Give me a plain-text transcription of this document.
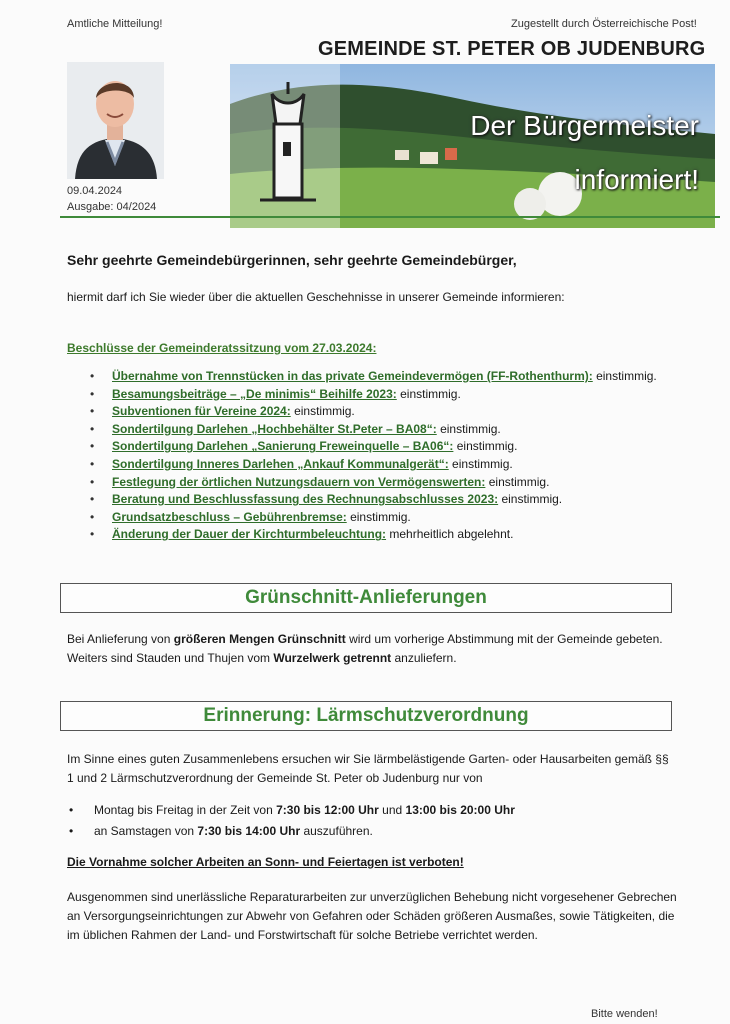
Amtliche Mitteilung!	Zugestellt durch Österreichische Post!
GEMEINDE ST. PETER OB JUDENBURG
09.04.2024
Ausgabe: 04/2024
Der Bürgermeister
informiert!
Sehr geehrte Gemeindebürgerinnen, sehr geehrte Gemeindebürger,
hiermit darf ich Sie wieder über die aktuellen Geschehnisse in unserer Gemeinde informieren:
Beschlüsse der Gemeinderatssitzung vom 27.03.2024:
• Übernahme von Trennstücken in das private Gemeindevermögen (FF-Rothenthurm): einstimmig.
• Besamungsbeiträge – „De minimis“ Beihilfe 2023: einstimmig.
• Subventionen für Vereine 2024: einstimmig.
• Sondertilgung Darlehen „Hochbehälter St.Peter – BA08“: einstimmig.
• Sondertilgung Darlehen „Sanierung Freweinquelle – BA06“: einstimmig.
• Sondertilgung Inneres Darlehen „Ankauf Kommunalgerät“: einstimmig.
• Festlegung der örtlichen Nutzungsdauern von Vermögenswerten: einstimmig.
• Beratung und Beschlussfassung des Rechnungsabschlusses 2023: einstimmig.
• Grundsatzbeschluss – Gebührenbremse: einstimmig.
• Änderung der Dauer der Kirchturmbeleuchtung: mehrheitlich abgelehnt.
Grünschnitt-Anlieferungen
Bei Anlieferung von größeren Mengen Grünschnitt wird um vorherige Abstimmung mit der Gemeinde gebeten. Weiters sind Stauden und Thujen vom Wurzelwerk getrennt anzuliefern.
Erinnerung: Lärmschutzverordnung
Im Sinne eines guten Zusammenlebens ersuchen wir Sie lärmbelästigende Garten- oder Hausarbeiten gemäß §§ 1 und 2 Lärmschutzverordnung der Gemeinde St. Peter ob Judenburg nur von
• Montag bis Freitag in der Zeit von 7:30 bis 12:00 Uhr und 13:00 bis 20:00 Uhr
• an Samstagen von 7:30 bis 14:00 Uhr auszuführen.
Die Vornahme solcher Arbeiten an Sonn- und Feiertagen ist verboten!
Ausgenommen sind unerlässliche Reparaturarbeiten zur unverzüglichen Behebung nicht vorgesehener Gebrechen an Versorgungseinrichtungen zur Abwehr von Gefahren oder Schäden größeren Ausmaßes, sowie Tätigkeiten, die im üblichen Rahmen der Land- und Forstwirtschaft für solche Betriebe verrichtet werden.
Bitte wenden!
